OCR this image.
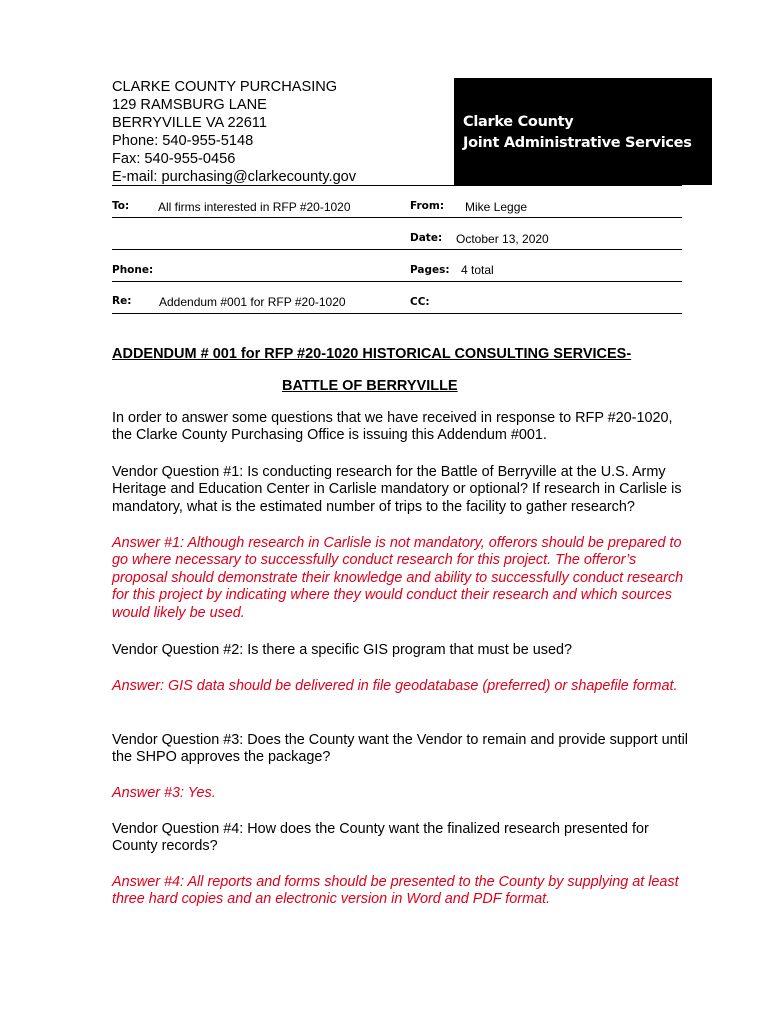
CLARKE COUNTY PURCHASING
129 RAMSBURG LANE
BERRYVILLE VA 22611
Phone: 540-955-5148
Fax: 540-955-0456
E-mail: purchasing@clarkecounty.gov
Clarke County
Joint Administrative Services
To: All firms interested in RFP #20-1020	From: Mike Legge
Date: October 13, 2020
Phone:	Pages: 4 total
Re: Addendum #001 for RFP #20-1020	CC:
ADDENDUM # 001 for RFP #20-1020 HISTORICAL CONSULTING SERVICES-
BATTLE OF BERRYVILLE
In order to answer some questions that we have received in response to RFP #20-1020, the Clarke County Purchasing Office is issuing this Addendum #001.
Vendor Question #1: Is conducting research for the Battle of Berryville at the U.S. Army Heritage and Education Center in Carlisle mandatory or optional? If research in Carlisle is mandatory, what is the estimated number of trips to the facility to gather research?
Answer #1: Although research in Carlisle is not mandatory, offerors should be prepared to go where necessary to successfully conduct research for this project. The offeror’s proposal should demonstrate their knowledge and ability to successfully conduct research for this project by indicating where they would conduct their research and which sources would likely be used.
Vendor Question #2: Is there a specific GIS program that must be used?
Answer: GIS data should be delivered in file geodatabase (preferred) or shapefile format.
Vendor Question #3: Does the County want the Vendor to remain and provide support until the SHPO approves the package?
Answer #3: Yes.
Vendor Question #4: How does the County want the finalized research presented for County records?
Answer #4: All reports and forms should be presented to the County by supplying at least three hard copies and an electronic version in Word and PDF format.
